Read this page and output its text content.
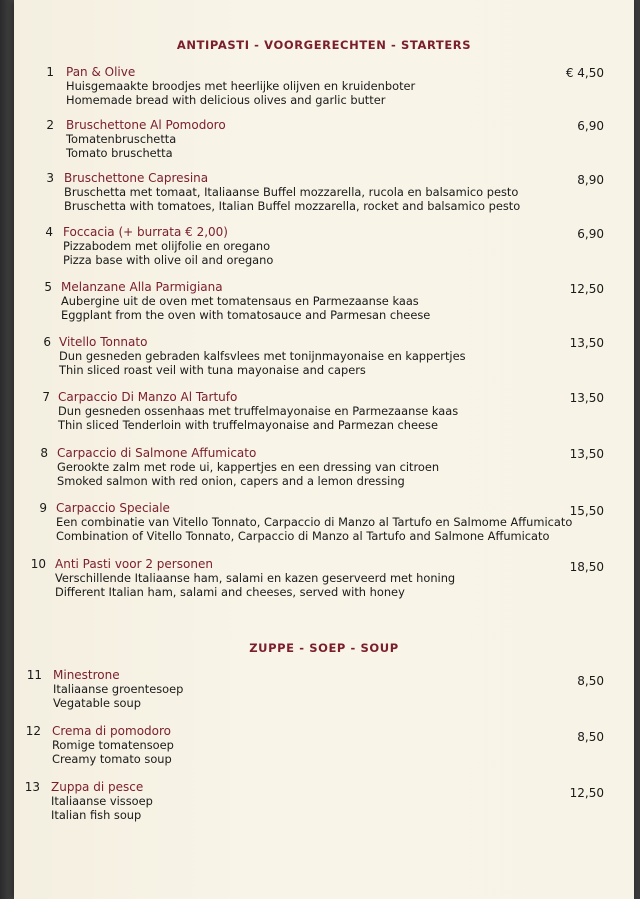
ANTIPASTI - VOORGERECHTEN - STARTERS
1 Pan & Olive
Huisgemaakte broodjes met heerlijke olijven en kruidenboter
Homemade bread with delicious olives and garlic butter
€ 4,50
2 Bruschettone Al Pomodoro
Tomatenbruschetta
Tomato bruschetta
6,90
3 Bruschettone Capresina
Bruschetta met tomaat, Italiaanse Buffel mozzarella, rucola en balsamico pesto
Bruschetta with tomatoes, Italian Buffel mozzarella, rocket and balsamico pesto
8,90
4 Foccacia (+ burrata € 2,00)
Pizzabodem met olijfolie en oregano
Pizza base with olive oil and oregano
6,90
5 Melanzane Alla Parmigiana
Aubergine uit de oven met tomatensaus en Parmezaanse kaas
Eggplant from the oven with tomatosauce and Parmesan cheese
12,50
6 Vitello Tonnato
Dun gesneden gebraden kalfsvlees met tonijnmayonaise en kappertjes
Thin sliced roast veil with tuna mayonaise and capers
13,50
7 Carpaccio Di Manzo Al Tartufo
Dun gesneden ossenhaas met truffelmayonaise en Parmezaanse kaas
Thin sliced Tenderloin with truffelmayonaise and Parmezan cheese
13,50
8 Carpaccio di Salmone Affumicato
Gerookte zalm met rode ui, kappertjes en een dressing van citroen
Smoked salmon with red onion, capers and a lemon dressing
13,50
9 Carpaccio Speciale
Een combinatie van Vitello Tonnato, Carpaccio di Manzo al Tartufo en Salmome Affumicato
Combination of Vitello Tonnato, Carpaccio di Manzo al Tartufo and Salmone Affumicato
15,50
10 Anti Pasti voor 2 personen
Verschillende Italiaanse ham, salami en kazen geserveerd met honing
Different Italian ham, salami and cheeses, served with honey
18,50
ZUPPE - SOEP - SOUP
11 Minestrone
Italiaanse groentesoep
Vegatable soup
8,50
12 Crema di pomodoro
Romige tomatensoep
Creamy tomato soup
8,50
13 Zuppa di pesce
Italiaanse vissoep
Italian fish soup
12,50
